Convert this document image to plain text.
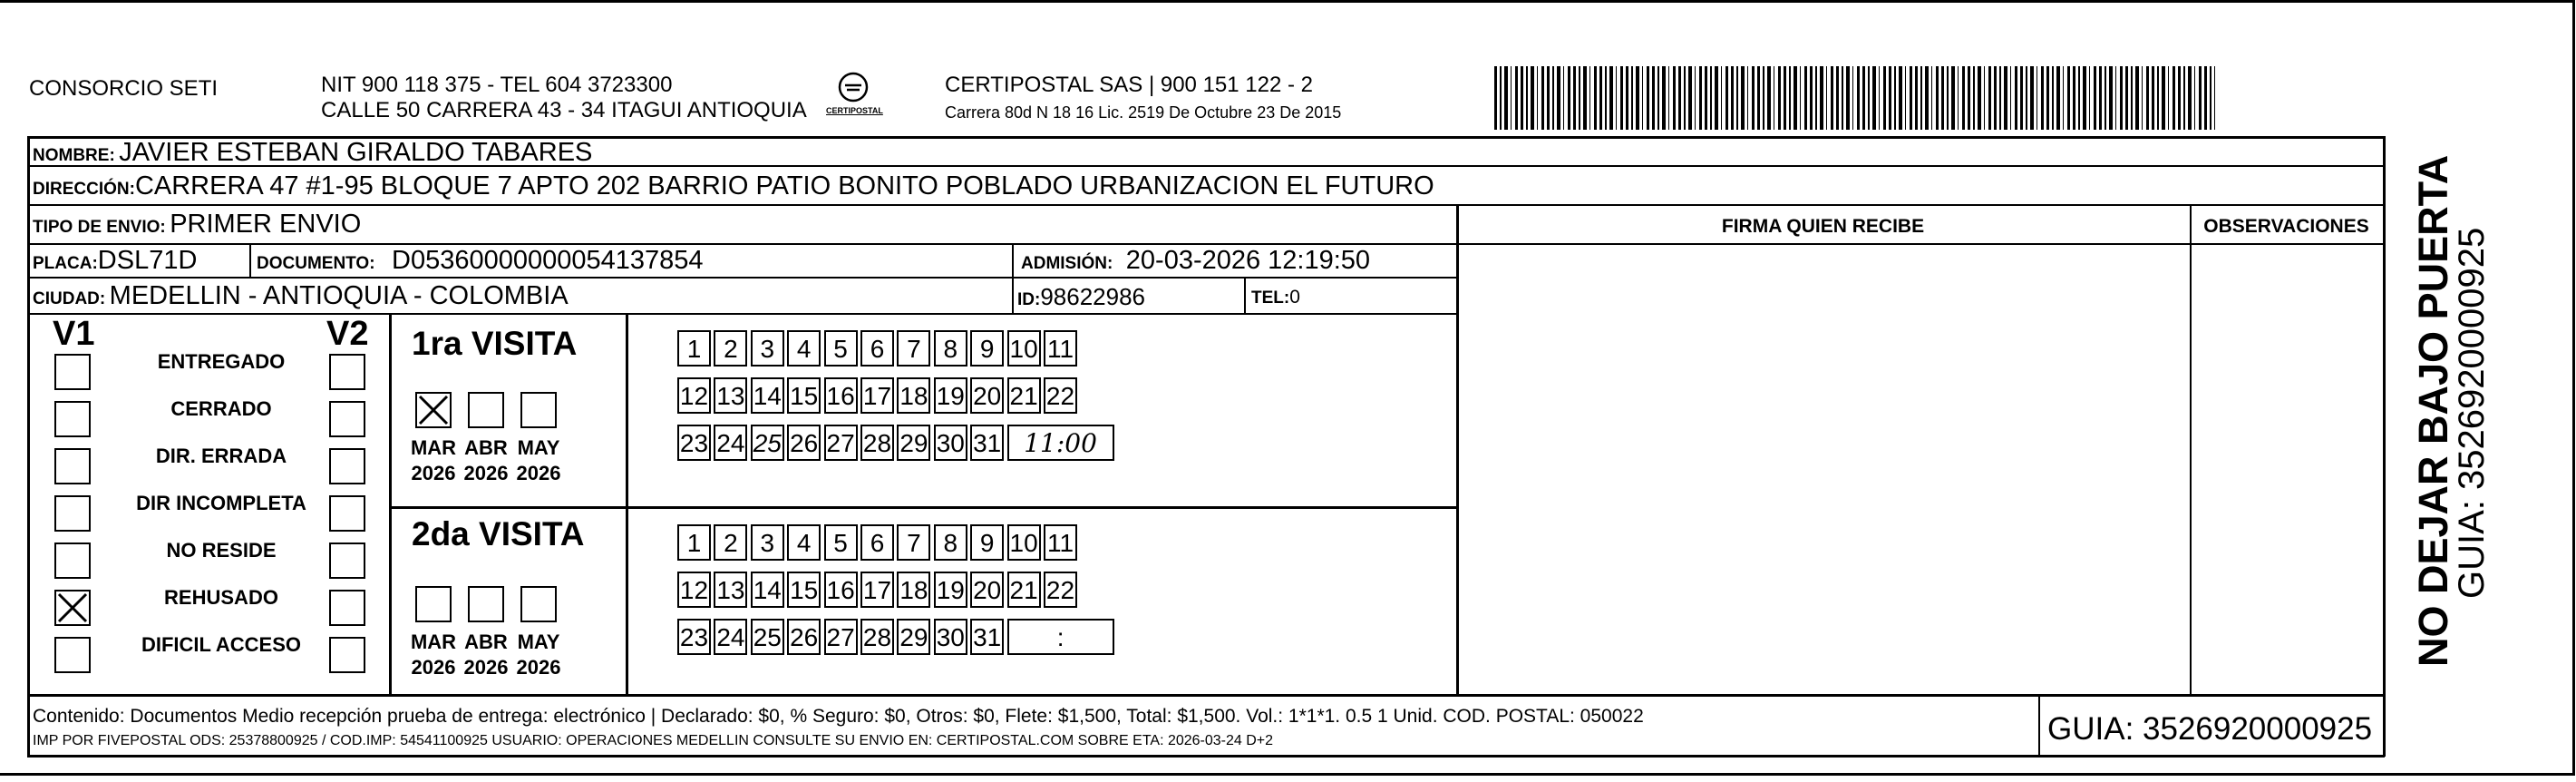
CONSORCIO SETI	NIT 900 118 375 - TEL 604 3723300
CALLE 50 CARRERA 43 - 34 ITAGUI ANTIOQUIA CERTIPOSTAL
CERTIPOSTAL SAS | 900 151 122 - 2
Carrera 80d N 18 16 Lic. 2519 De Octubre 23 De 2015
NOMBRE: JAVIER ESTEBAN GIRALDO TABARES
DIRECCIÓN:CARRERA 47 #1-95 BLOQUE 7 APTO 202 BARRIO PATIO BONITO POBLADO URBANIZACION EL FUTURO
TIPO DE ENVIO: PRIMER ENVIO
PLACA:DSL71D	DOCUMENTO: D05360000000054137854	ADMISIÓN: 20-03-2026 12:19:50
CIUDAD: MEDELLIN - ANTIOQUIA - COLOMBIA	ID:98622986	TEL:0
FIRMA QUIEN RECIBE	OBSERVACIONES
V1	V2
ENTREGADO
CERRADO
DIR. ERRADA
DIR INCOMPLETA
NO RESIDE
REHUSADO
DIFICIL ACCESO
1ra VISITA
2da VISITA
MAR
2026
ABR
2026
MAY
2026
1 2 3 4 5 6 7 8 9 10 11
12 13 14 15 16 17 18 19 20 21 22
23 24 25 26 27 28 29 30 31 11:00
MAR
2026
ABR
2026
MAY
2026
1 2 3 4 5 6 7 8 9 10 11
12 13 14 15 16 17 18 19 20 21 22
23 24 25 26 27 28 29 30 31	:
Contenido: Documentos Medio recepción prueba de entrega: electrónico | Declarado: $0, % Seguro: $0, Otros: $0, Flete: $1,500, Total: $1,500. Vol.: 1*1*1. 0.5 1 Unid. COD. POSTAL: 050022
IMP POR FIVEPOSTAL ODS: 25378800925 / COD.IMP: 54541100925 USUARIO: OPERACIONES MEDELLIN CONSULTE SU ENVIO EN: CERTIPOSTAL.COM SOBRE ETA: 2026-03-24 D+2	GUIA: 3526920000925
NO DEJAR BAJO PUERTA
GUIA: 3526920000925
